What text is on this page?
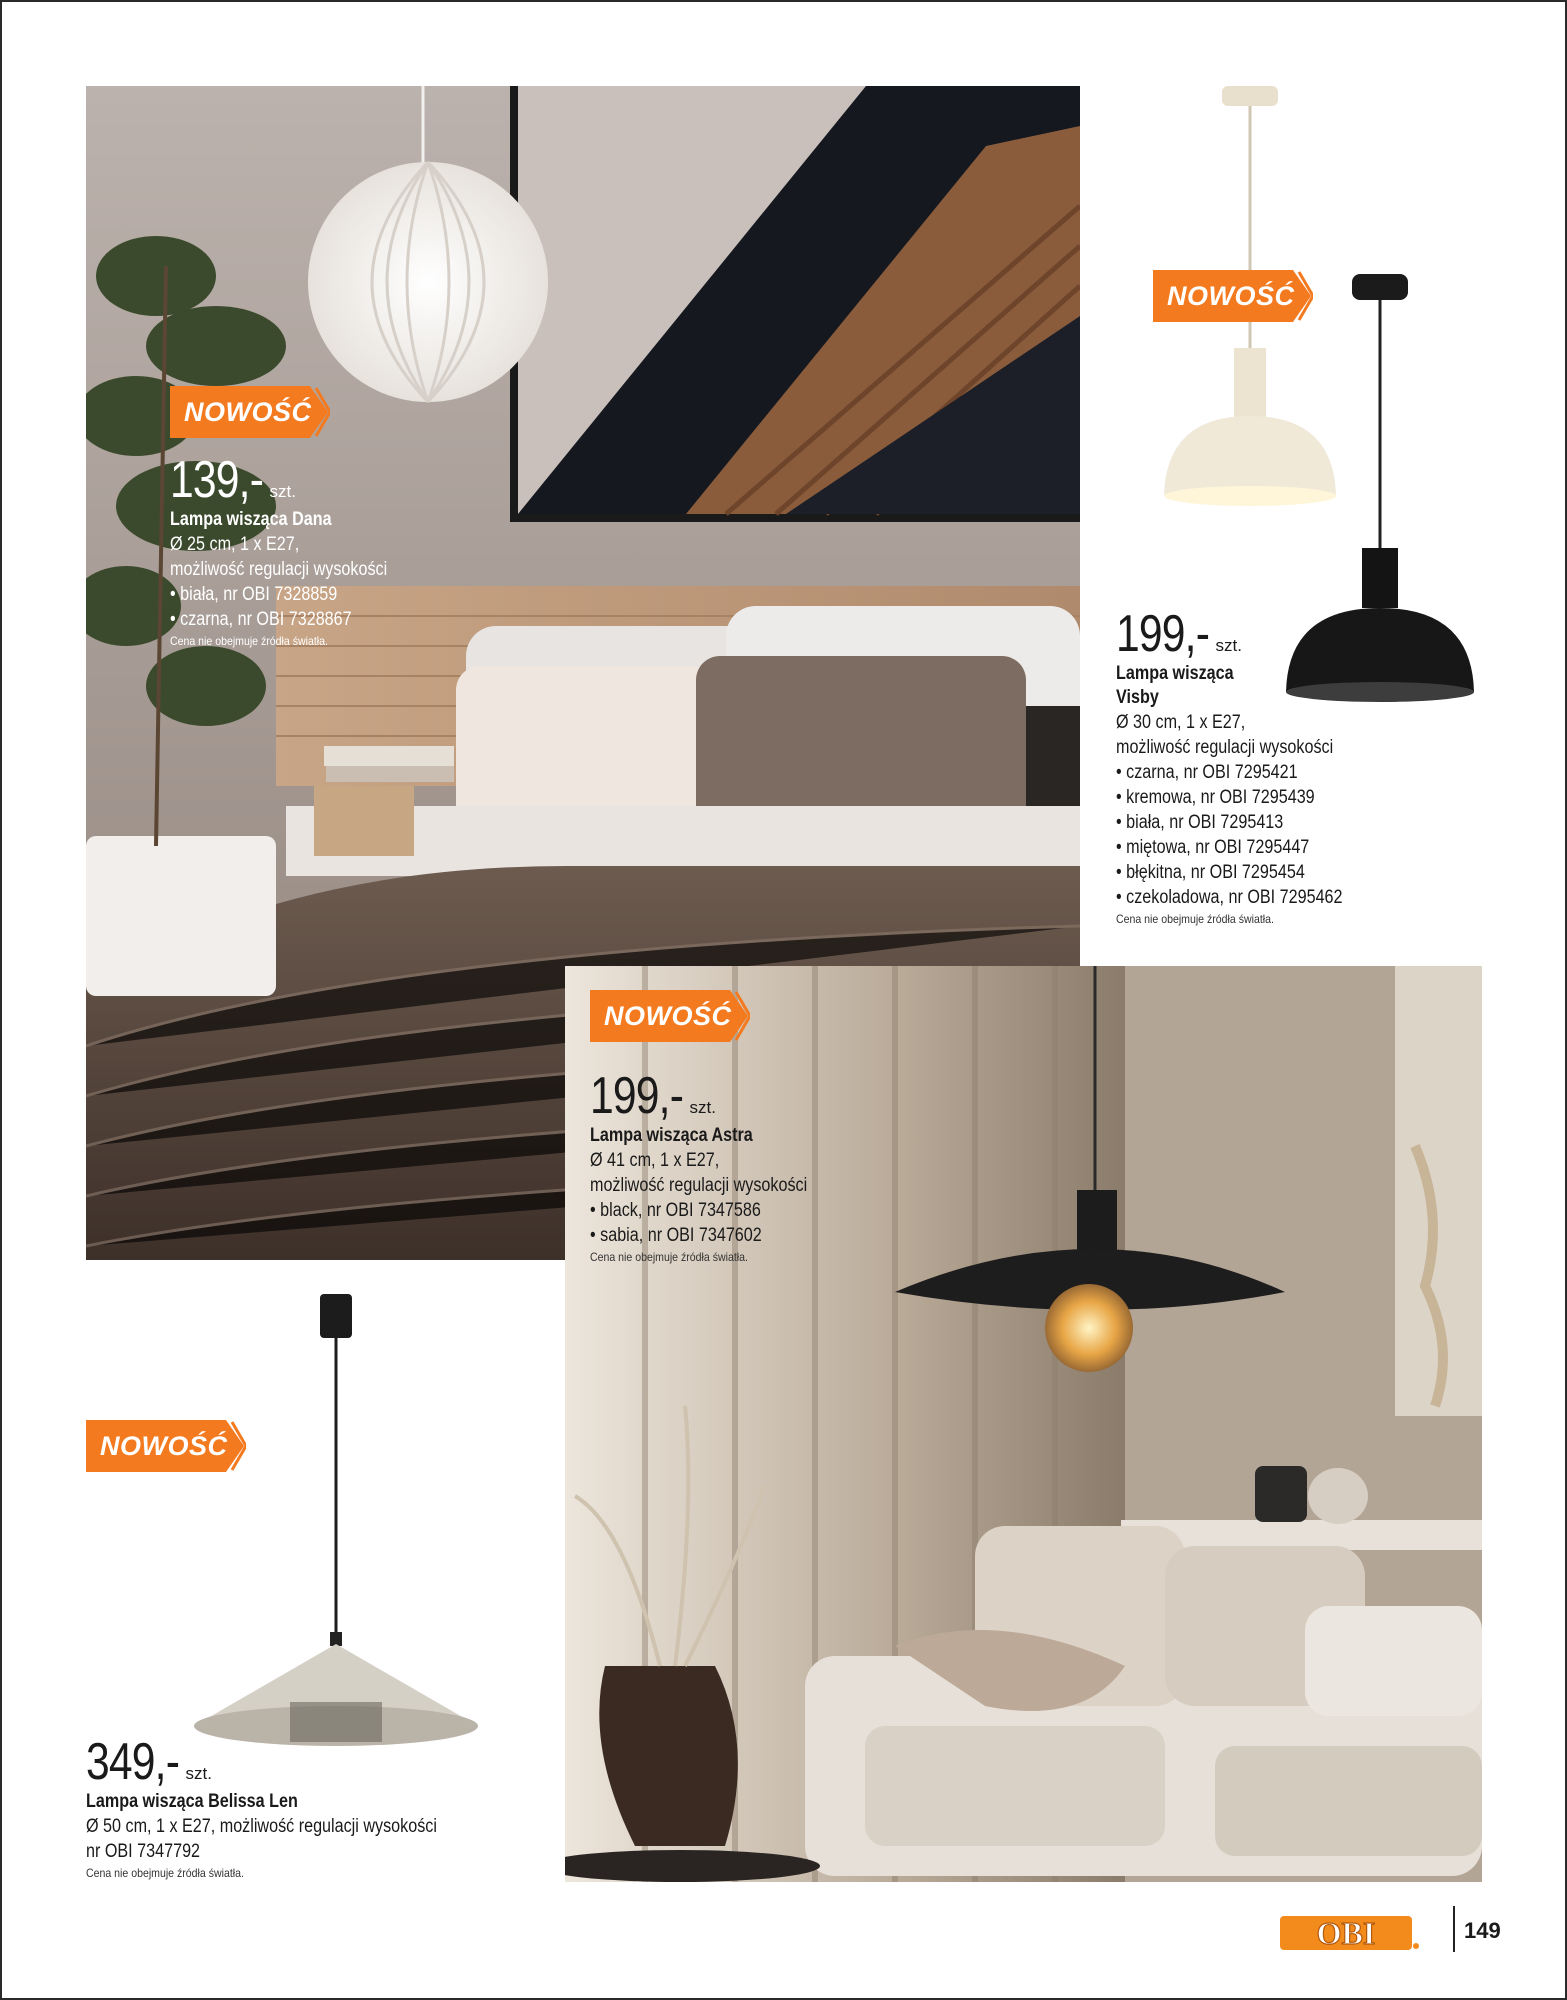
NOWOŚĆ
NOWOŚĆ
NOWOŚĆ
NOWOŚĆ
139,- szt.
Lampa wisząca Dana
Ø 25 cm, 1 x E27,
możliwość regulacji wysokości
• biała, nr OBI 7328859
• czarna, nr OBI 7328867
Cena nie obejmuje źródła światła.	199,- szt.
Lampa wisząca
Visby
Ø 30 cm, 1 x E27,
możliwość regulacji wysokości
• czarna, nr OBI 7295421
• kremowa, nr OBI 7295439
• biała, nr OBI 7295413
• miętowa, nr OBI 7295447
• błękitna, nr OBI 7295454
• czekoladowa, nr OBI 7295462
Cena nie obejmuje źródła światła.
199,- szt.
Lampa wisząca Astra
Ø 41 cm, 1 x E27,
możliwość regulacji wysokości
• black, nr OBI 7347586
• sabia, nr OBI 7347602
Cena nie obejmuje źródła światła.
349,- szt.
Lampa wisząca Belissa Len
Ø 50 cm, 1 x E27, możliwość regulacji wysokości
nr OBI 7347792
Cena nie obejmuje źródła światła.
OBI	149
